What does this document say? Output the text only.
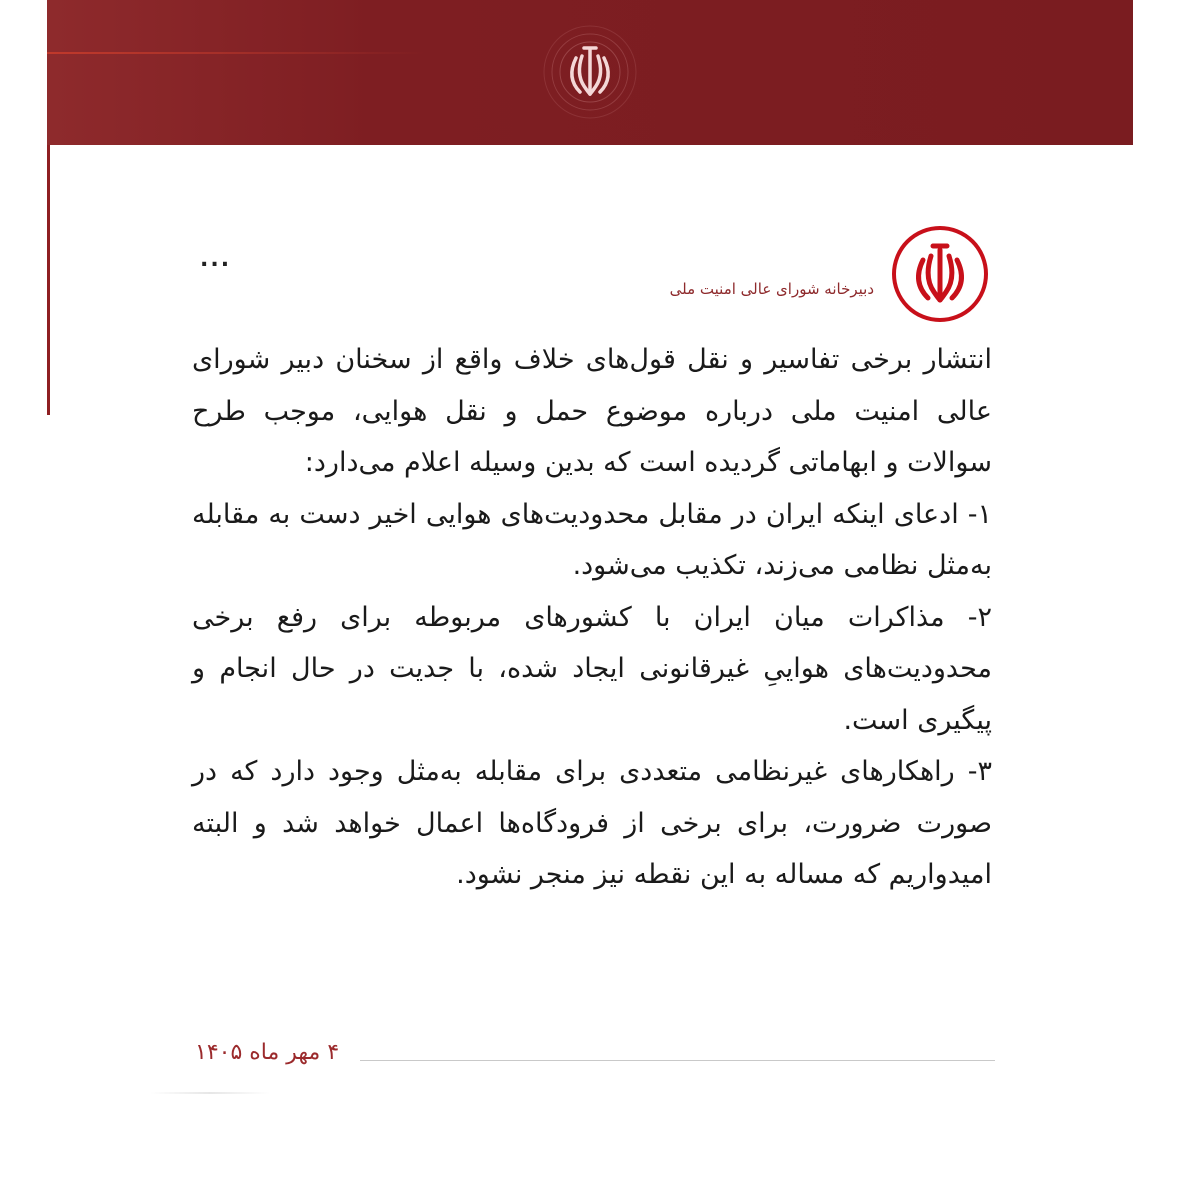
دبیرخانه شورای عالی امنیت ملی
...

انتشار برخی تفاسیر و نقل قول‌های خلاف واقع از سخنان دبیر شورای عالی امنیت ملی درباره موضوع حمل و نقل هوایی، موجب طرح سوالات و ابهاماتی گردیده است که بدین وسیله اعلام می‌دارد:

۱- ادعای اینکه ایران در مقابل محدودیت‌های هوایی اخیر دست به مقابله به‌مثل نظامی می‌زند، تکذیب می‌شود.

۲- مذاکرات میان ایران با کشورهای مربوطه برای رفع برخی محدودیت‌های هواییِ غیرقانونی ایجاد شده، با جدیت در حال انجام و پیگیری است.

۳- راهکارهای غیرنظامی متعددی برای مقابله به‌مثل وجود دارد که در صورت ضرورت، برای برخی از فرودگاه‌ها اعمال خواهد شد و البته امیدواریم که مساله به این نقطه نیز منجر نشود.

۴ مهر ماه ۱۴۰۵
